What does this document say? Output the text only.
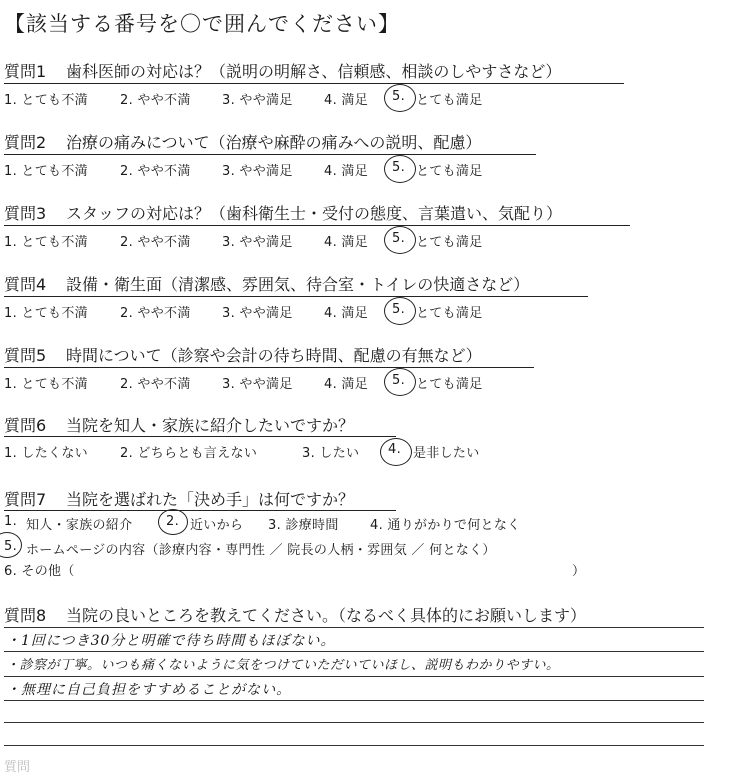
【該当する番号を〇で囲んでください】
質問1 歯科医師の対応は？（説明の明解さ、信頼感、相談のしやすさなど）
1. とても不満 2. やや不満 3. やや満足 4. 満足 5. とても満足
質問2 治療の痛みについて（治療や麻酔の痛みへの説明、配慮）
1. とても不満 2. やや不満 3. やや満足 4. 満足 5. とても満足
質問3 スタッフの対応は？（歯科衛生士・受付の態度、言葉遣い、気配り）
1. とても不満 2. やや不満 3. やや満足 4. 満足 5. とても満足
質問4 設備・衛生面（清潔感、雰囲気、待合室・トイレの快適さなど）
1. とても不満 2. やや不満 3. やや満足 4. 満足 5. とても満足
質問5 時間について（診察や会計の待ち時間、配慮の有無など）
1. とても不満 2. やや不満 3. やや満足 4. 満足 5. とても満足
質問6 当院を知人・家族に紹介したいですか？
1. したくない 2. どちらとも言えない	3. したい 4. 是非したい
質問7 当院を選ばれた「決め手」は何ですか？
1. 知人・家族の紹介	2. 近いから 3. 診療時間 4. 通りがかりで何となく
5. ホームページの内容（診療内容・専門性 ／ 院長の人柄・雰囲気 ／ 何となく）
6. その他（	）
質問8 当院の良いところを教えてください。（なるべく具体的にお願いします）
・1回につき30分と明確で待ち時間もほぼない。
・診察が丁寧。いつも痛くないように気をつけていただいていほし、説明もわかりやすい。
・無理に自己負担をすすめることがない。
質問
